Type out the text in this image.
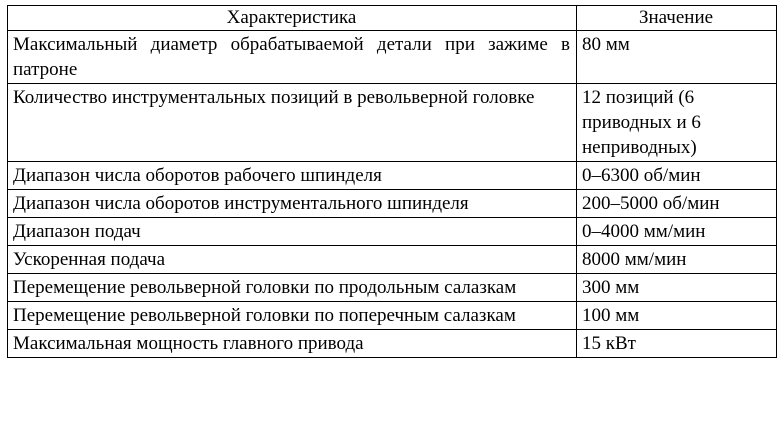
Характеристика	Значение
Максимальный диаметр обрабатываемой детали при зажиме в патроне	80 мм
Количество инструментальных позиций в револьверной головке	12 позиций (6 приводных и 6 неприводных)
Диапазон числа оборотов рабочего шпинделя	0–6300 об/мин
Диапазон числа оборотов инструментального шпинделя	200–5000 об/мин
Диапазон подач	0–4000 мм/мин
Ускоренная подача	8000 мм/мин
Перемещение револьверной головки по продольным салазкам	300 мм
Перемещение револьверной головки по поперечным салазкам	100 мм
Максимальная мощность главного привода	15 кВт
